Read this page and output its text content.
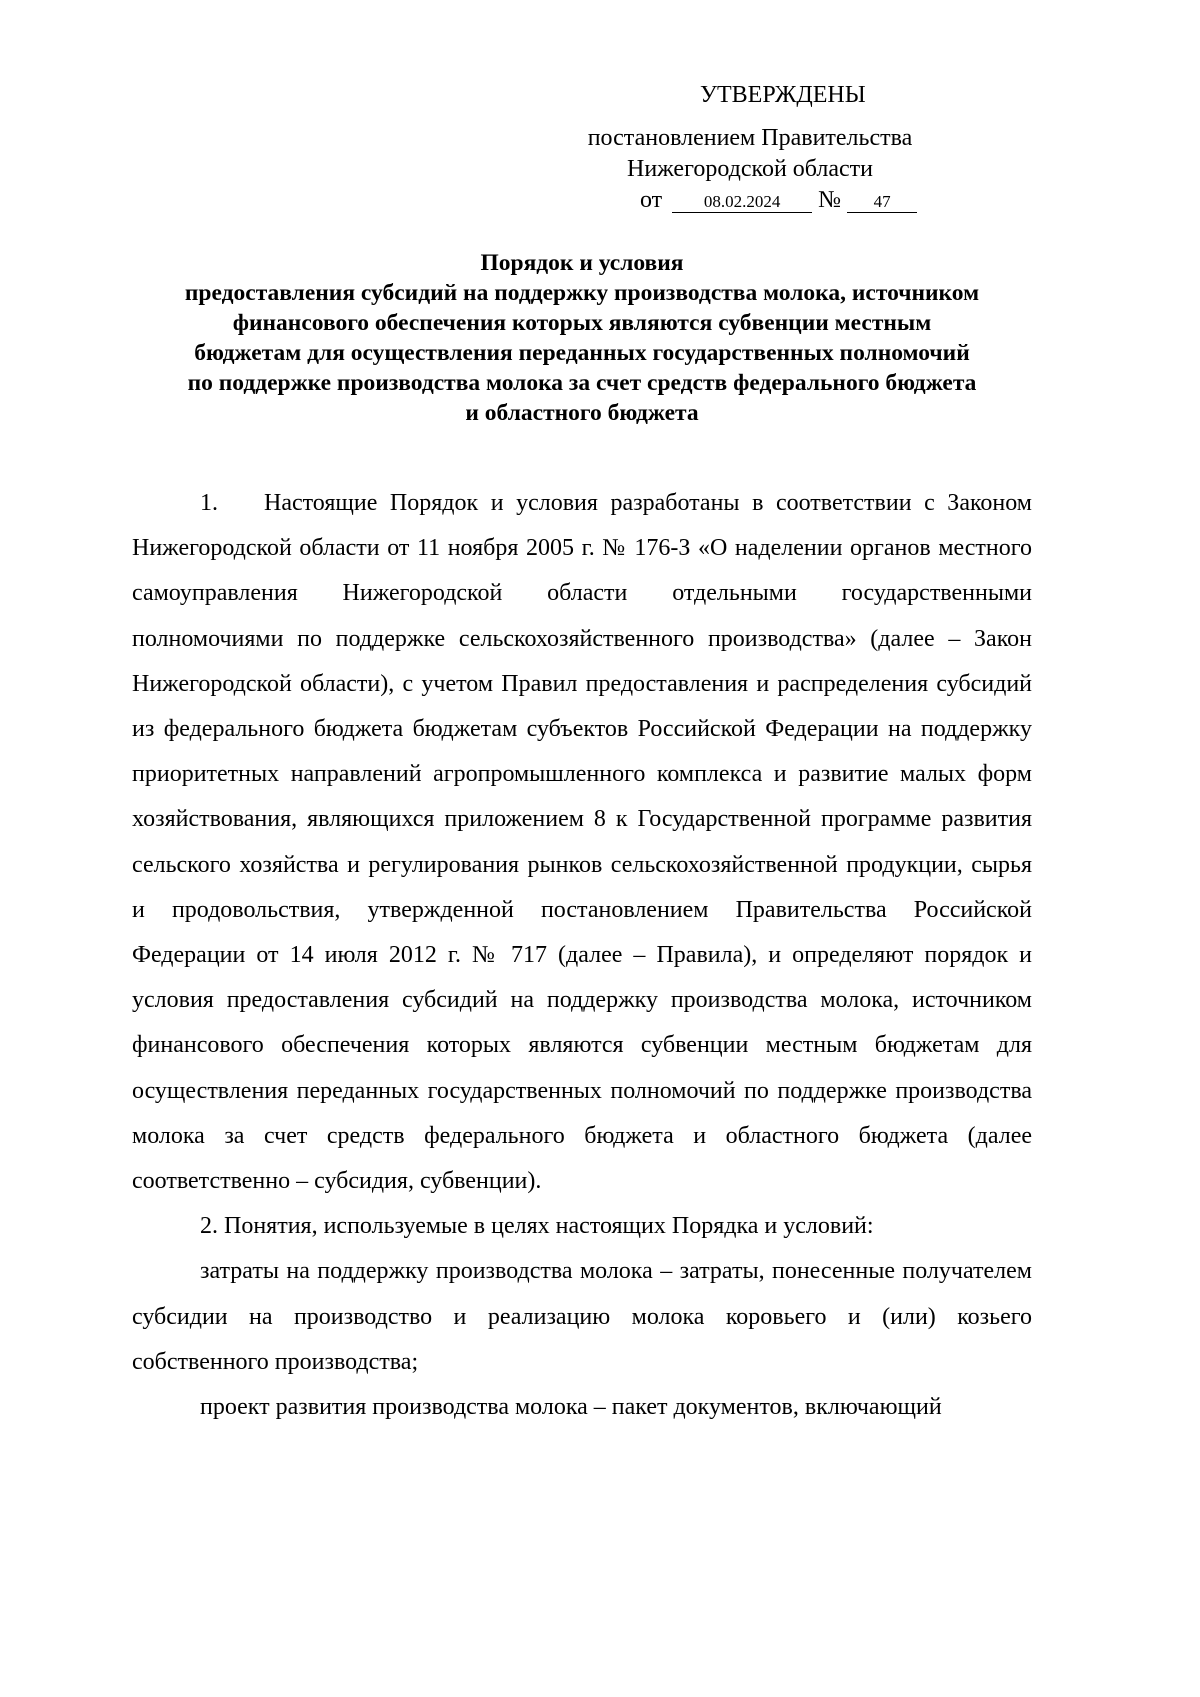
УТВЕРЖДЕНЫ
постановлением Правительства
Нижегородской области
от 08.02.2024 № 47
Порядок и условия
предоставления субсидий на поддержку производства молока, источником
финансового обеспечения которых являются субвенции местным
бюджетам для осуществления переданных государственных полномочий
по поддержке производства молока за счет средств федерального бюджета
и областного бюджета

1. Настоящие Порядок и условия разработаны в соответствии с Законом Нижегородской области от 11 ноября 2005 г. № 176-З «О наделении органов местного самоуправления Нижегородской области отдельными государственными полномочиями по поддержке сельскохозяйственного производства» (далее – Закон Нижегородской области), с учетом Правил предоставления и распределения субсидий из федерального бюджета бюджетам субъектов Российской Федерации на поддержку приоритетных направлений агропромышленного комплекса и развитие малых форм хозяйствования, являющихся приложением 8 к Государственной программе развития сельского хозяйства и регулирования рынков сельскохозяйственной продукции, сырья и продовольствия, утвержденной постановлением Правительства Российской Федерации от 14 июля 2012 г. № 717 (далее – Правила), и определяют порядок и условия предоставления субсидий на поддержку производства молока, источником финансового обеспечения которых являются субвенции местным бюджетам для осуществления переданных государственных полномочий по поддержке производства молока за счет средств федерального бюджета и областного бюджета (далее соответственно – субсидия, субвенции).

2. Понятия, используемые в целях настоящих Порядка и условий:

затраты на поддержку производства молока – затраты, понесенные получателем субсидии на производство и реализацию молока коровьего и (или) козьего собственного производства;

проект развития производства молока – пакет документов, включающий
